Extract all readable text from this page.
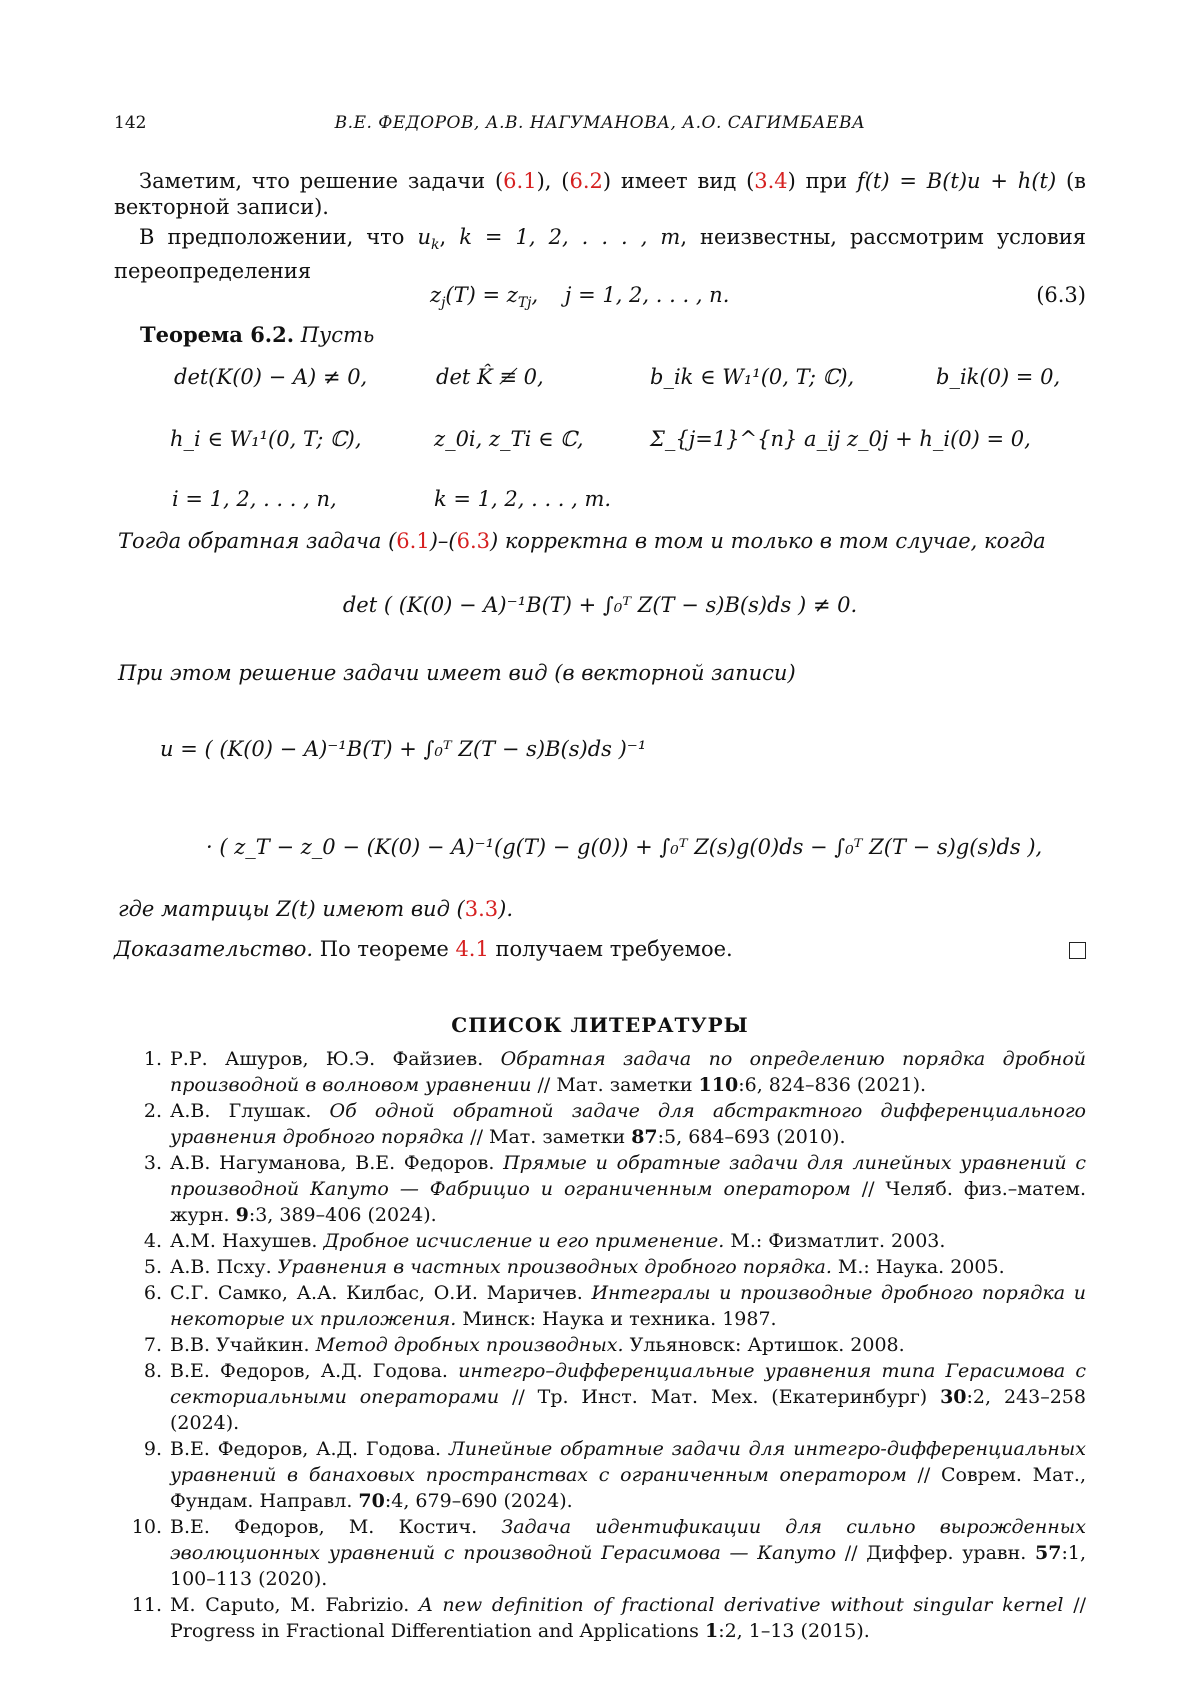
142	В.Е. ФЕДОРОВ, А.В. НАГУМАНОВА, А.О. САГИМБАЕВА
Заметим, что решение задачи (6.1), (6.2) имеет вид (3.4) при f(t) = B(t)u + h(t) (в векторной записи).
В предположении, что $u_k$, k = 1, 2, . . . , m, неизвестны, рассмотрим условия переопределения
$z_j(T) = z_{Tj}$,    j = 1, 2, . . . , n.	(6.3)
Теорема 6.2. Пусть
det(K(0) − A) ≠ 0,	det K̂ ≢ 0,	b_ik ∈ W₁¹(0, T; ℂ),	b_ik(0) = 0,
h_i ∈ W₁¹(0, T; ℂ),	z_0i, z_Ti ∈ ℂ,	Σ_{j=1}^{n} a_ij z_0j + h_i(0) = 0,
i = 1, 2, . . . , n,	k = 1, 2, . . . , m.
Тогда обратная задача (6.1)–(6.3) корректна в том и только в том случае, когда
det ( (K(0) − A)⁻¹B(T) + ∫₀ᵀ Z(T − s)B(s)ds ) ≠ 0.
При этом решение задачи имеет вид (в векторной записи)
u = ( (K(0) − A)⁻¹B(T) + ∫₀ᵀ Z(T − s)B(s)ds )⁻¹
· ( z_T − z_0 − (K(0) − A)⁻¹(g(T) − g(0)) + ∫₀ᵀ Z(s)g(0)ds − ∫₀ᵀ Z(T − s)g(s)ds ),
где матрицы Z(t) имеют вид (3.3).
Доказательство. По теореме 4.1 получаем требуемое.
СПИСОК ЛИТЕРАТУРЫ
1. Р.Р. Ашуров, Ю.Э. Файзиев. Обратная задача по определению порядка дробной производной в волновом уравнении // Мат. заметки 110:6, 824–836 (2021).
2. А.В. Глушак. Об одной обратной задаче для абстрактного дифференциального уравнения дробного порядка // Мат. заметки 87:5, 684–693 (2010).
3. А.В. Нагуманова, В.Е. Федоров. Прямые и обратные задачи для линейных уравнений с производной Капуто — Фабрицио и ограниченным оператором // Челяб. физ.–матем. журн. 9:3, 389–406 (2024).
4. А.М. Нахушев. Дробное исчисление и его применение. М.: Физматлит. 2003.
5. А.В. Псху. Уравнения в частных производных дробного порядка. М.: Наука. 2005.
6. С.Г. Самко, А.А. Килбас, О.И. Маричев. Интегралы и производные дробного порядка и некоторые их приложения. Минск: Наука и техника. 1987.
7. В.В. Учайкин. Метод дробных производных. Ульяновск: Артишок. 2008.
8. В.Е. Федоров, А.Д. Годова. интегро–дифференциальные уравнения типа Герасимова с секториальными операторами // Тр. Инст. Мат. Мех. (Екатеринбург) 30:2, 243–258 (2024).
9. В.Е. Федоров, А.Д. Годова. Линейные обратные задачи для интегро-дифференциальных уравнений в банаховых пространствах с ограниченным оператором // Соврем. Мат., Фундам. Направл. 70:4, 679–690 (2024).
10. В.Е. Федоров, М. Костич. Задача идентификации для сильно вырожденных эволюционных уравнений с производной Герасимова — Капуто // Диффер. уравн. 57:1, 100–113 (2020).
11. M. Caputo, M. Fabrizio. A new definition of fractional derivative without singular kernel // Progress in Fractional Differentiation and Applications 1:2, 1–13 (2015).
